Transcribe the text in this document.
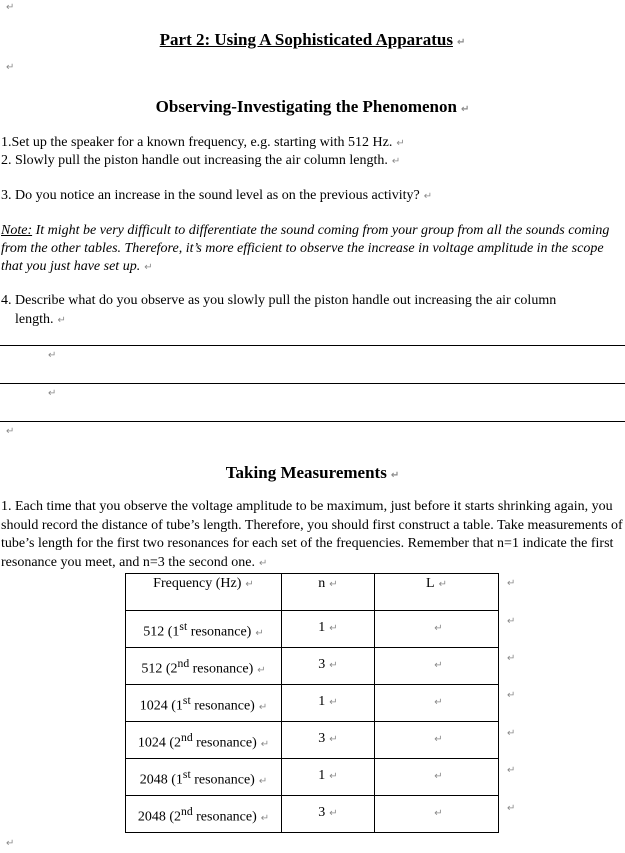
↵
↵
Part 2: Using A Sophisticated Apparatus ↵
Observing-Investigating the Phenomenon ↵
1.Set up the speaker for a known frequency, e.g. starting with 512 Hz. ↵
2. Slowly pull the piston handle out increasing the air column length. ↵
3. Do you notice an increase in the sound level as on the previous activity? ↵
Note: It might be very difficult to differentiate the sound coming from your group from all the sounds coming from the other tables. Therefore, it’s more efficient to observe the increase in voltage amplitude in the scope that you just have set up. ↵
4. Describe what do you observe as you slowly pull the piston handle out increasing the air column
length. ↵
↵
↵
↵
Taking Measurements ↵
1. Each time that you observe the voltage amplitude to be maximum, just before it starts shrinking again, you should record the distance of tube’s length. Therefore, you should first construct a table. Take measurements of tube’s length for the first two resonances for each set of the frequencies. Remember that n=1 indicate the first resonance you meet, and n=3 the second one. ↵
Frequency (Hz) ↵	n ↵	L ↵

512 (1st resonance) ↵	1 ↵	↵

512 (2nd resonance) ↵	3 ↵	↵

1024 (1st resonance) ↵	1 ↵	↵

1024 (2nd resonance) ↵	3 ↵	↵

2048 (1st resonance) ↵	1 ↵	↵

2048 (2nd resonance) ↵	3 ↵	↵
↵
↵
↵
↵
↵
↵
↵
↵
